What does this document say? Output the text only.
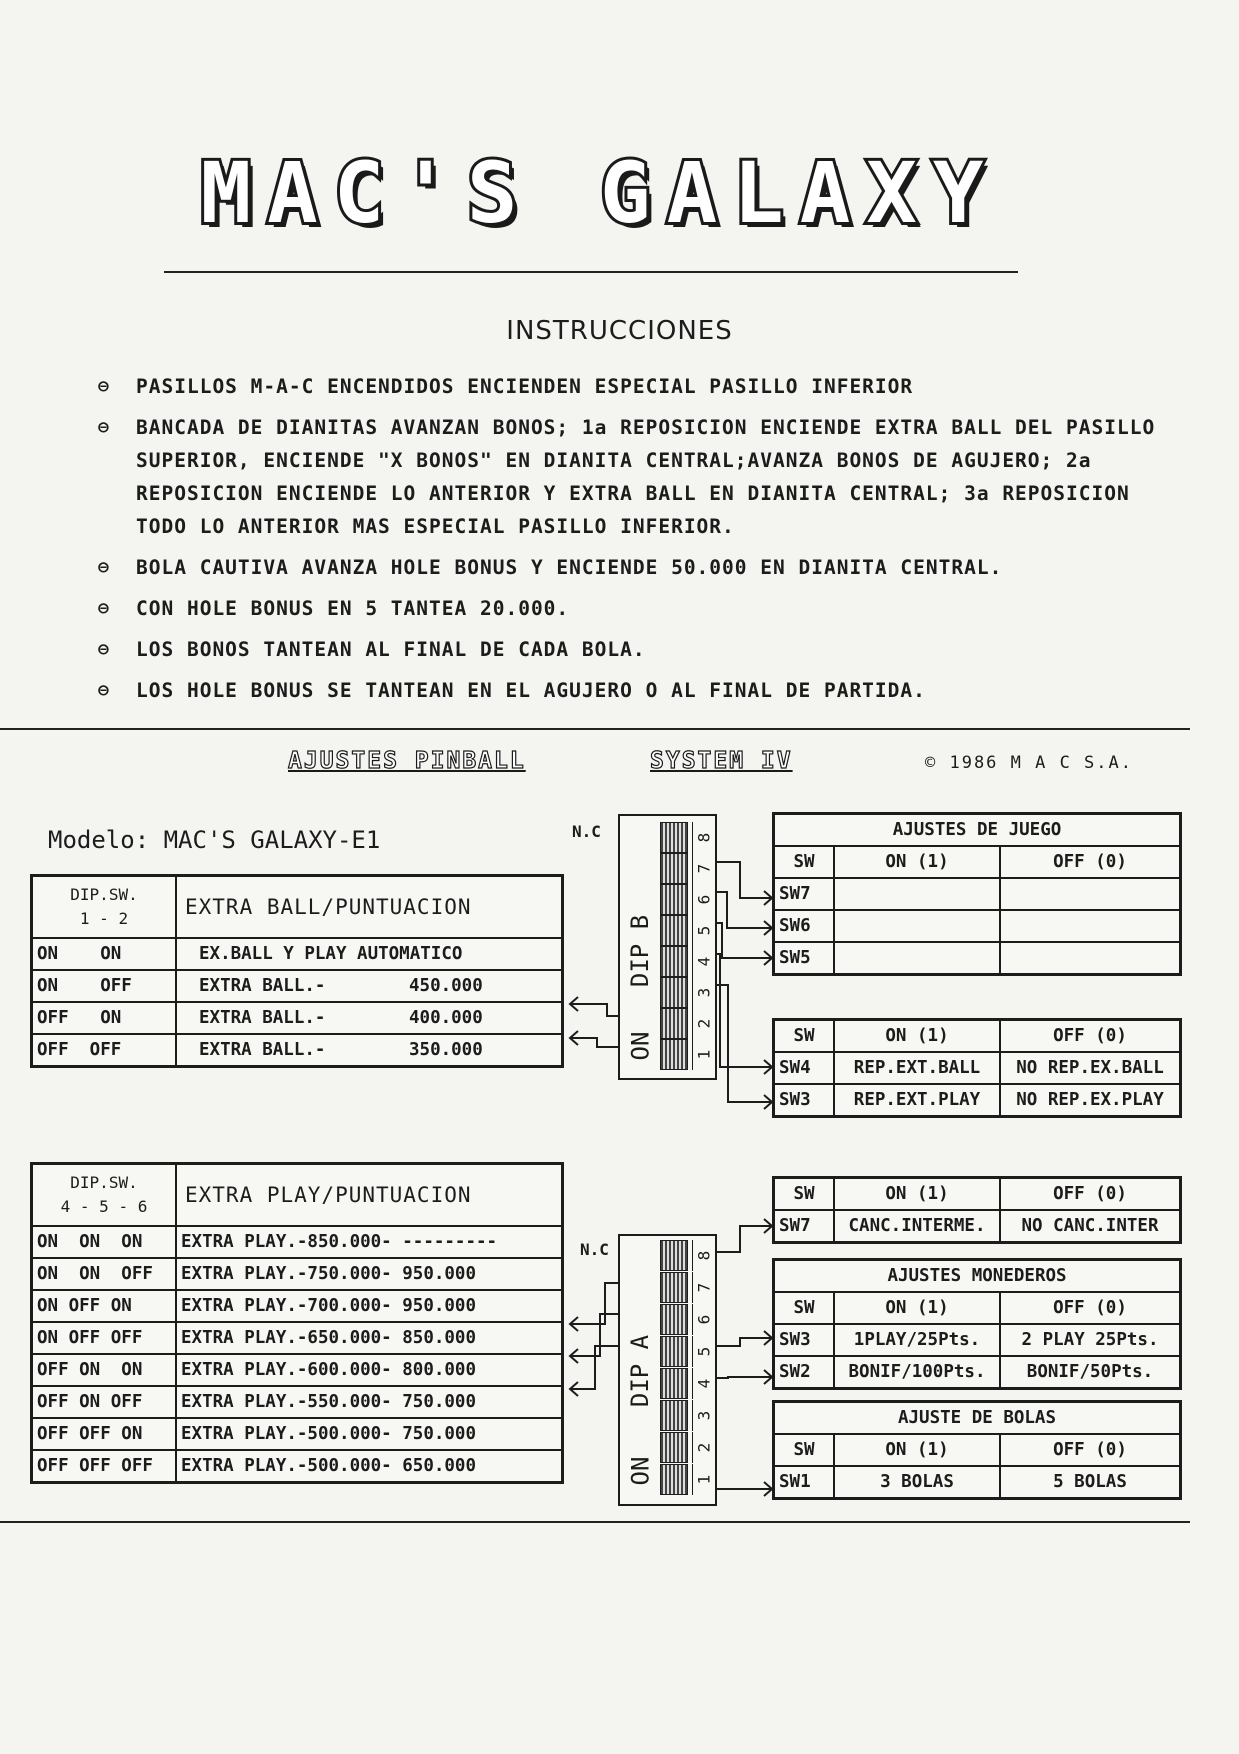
MAC'S GALAXY
INSTRUCCIONES
⊖	PASILLOS M-A-C ENCENDIDOS ENCIENDEN ESPECIAL PASILLO INFERIOR
⊖	BANCADA DE DIANITAS AVANZAN BONOS; 1a REPOSICION ENCIENDE EXTRA BALL DEL PASILLO SUPERIOR, ENCIENDE "X BONOS" EN DIANITA CENTRAL;AVANZA BONOS DE AGUJERO; 2a REPOSICION ENCIENDE LO ANTERIOR Y EXTRA BALL EN DIANITA CENTRAL; 3a REPOSICION TODO LO ANTERIOR MAS ESPECIAL PASILLO INFERIOR.
⊖	BOLA CAUTIVA AVANZA HOLE BONUS Y ENCIENDE 50.000 EN DIANITA CENTRAL.
⊖	CON HOLE BONUS EN 5 TANTEA 20.000.
⊖	LOS BONOS TANTEAN AL FINAL DE CADA BOLA.
⊖	LOS HOLE BONUS SE TANTEAN EN EL AGUJERO O AL FINAL DE PARTIDA.
AJUSTES PINBALL	SYSTEM IV	© 1986 M A C S.A.
Modelo: MAC'S GALAXY-E1
DIP.SW.
1 - 2	EXTRA BALL/PUNTUACION
ON    ON	EX.BALL Y PLAY AUTOMATICO
ON    OFF	EXTRA BALL.- 450.000
OFF   ON	EXTRA BALL.- 400.000
OFF  OFF	EXTRA BALL.- 350.000
DIP.SW.
4 - 5 - 6	EXTRA PLAY/PUNTUACION
ON  ON  ON	EXTRA PLAY.-850.000- ---------
ON  ON  OFF	EXTRA PLAY.-750.000- 950.000
ON OFF ON	EXTRA PLAY.-700.000- 950.000
ON OFF OFF	EXTRA PLAY.-650.000- 850.000
OFF ON  ON	EXTRA PLAY.-600.000- 800.000
OFF ON OFF	EXTRA PLAY.-550.000- 750.000
OFF OFF ON	EXTRA PLAY.-500.000- 750.000
OFF OFF OFF	EXTRA PLAY.-500.000- 650.000
N.C
DIP B
ON
8
7
6
5
4
3
2
1
N.C
DIP A
ON
8
7
6
5
4
3
2
1
AJUSTES DE JUEGO		
SW	ON (1)	OFF (0)
SW7		
SW6		
SW5		
SW	ON (1)	OFF (0)
SW4	REP.EXT.BALL	NO REP.EX.BALL
SW3	REP.EXT.PLAY	NO REP.EX.PLAY
SW	ON (1)	OFF (0)
SW7	CANC.INTERME.	NO CANC.INTER
AJUSTES MONEDEROS		
SW	ON (1)	OFF (0)
SW3	1PLAY/25Pts.	2 PLAY 25Pts.
SW2	BONIF/100Pts.	BONIF/50Pts.
AJUSTE DE BOLAS		
SW	ON (1)	OFF (0)
SW1	3 BOLAS	5 BOLAS
